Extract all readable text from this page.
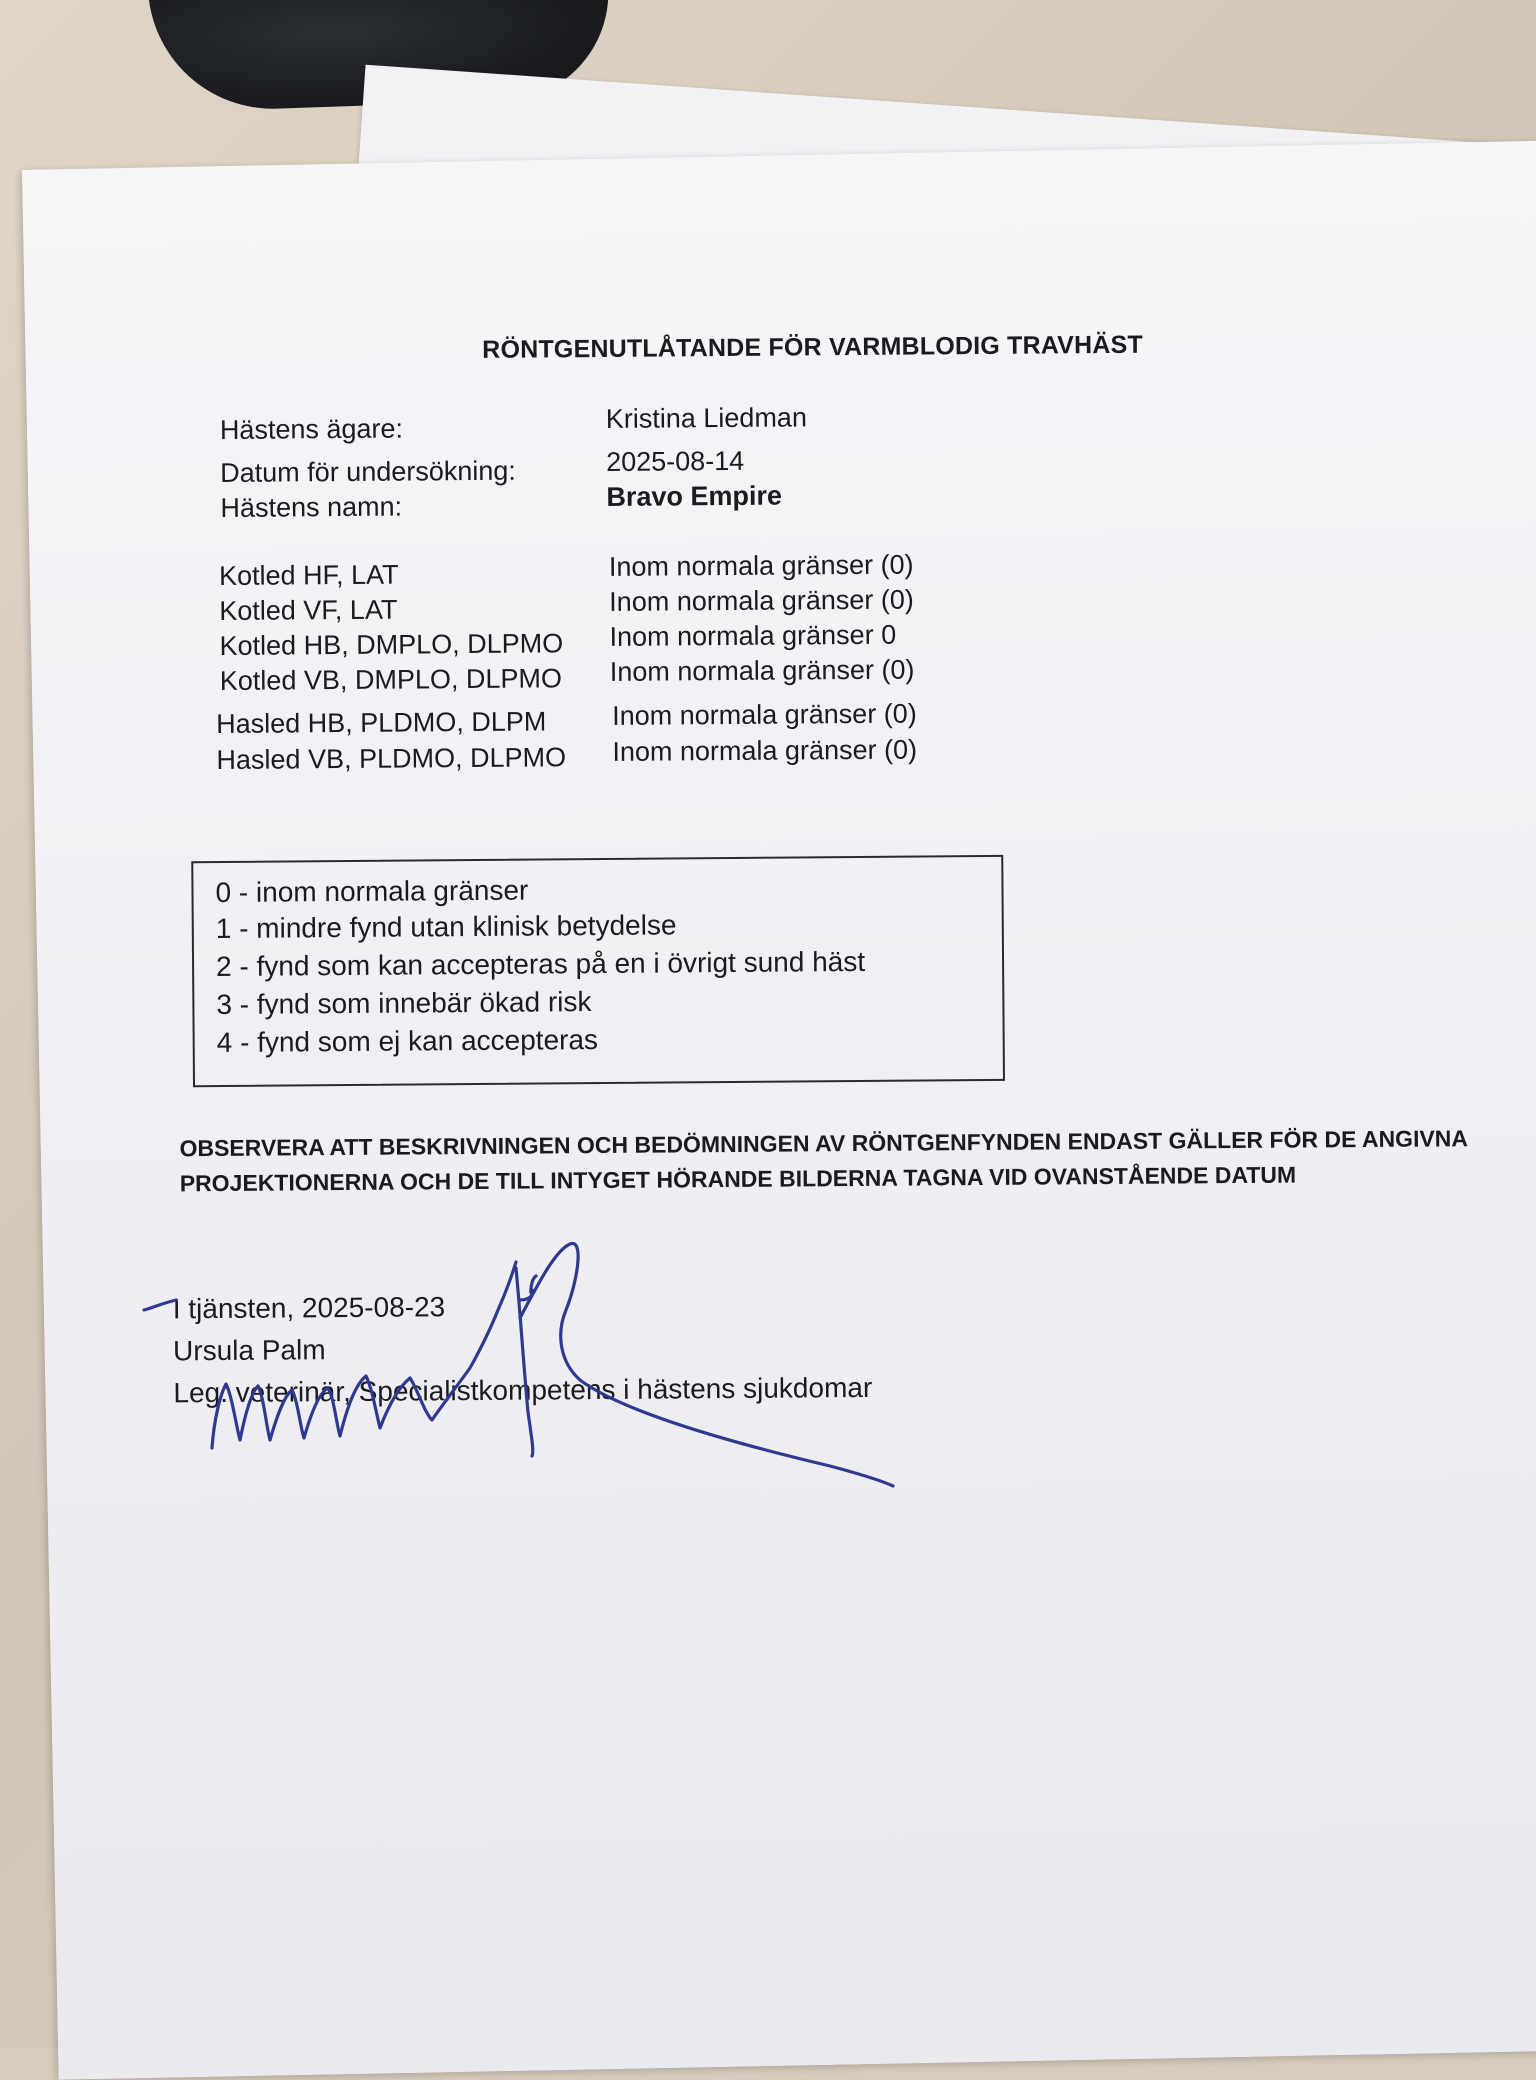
RÖNTGENUTLÅTANDE FÖR VARMBLODIG TRAVHÄST
Hästens ägare:	Kristina Liedman
Datum för undersökning:	2025-08-14
Hästens namn:	Bravo Empire
Kotled HF, LAT	Inom normala gränser (0)
Kotled VF, LAT	Inom normala gränser (0)
Kotled HB, DMPLO, DLPMO Inom normala gränser 0
Kotled VB, DMPLO, DLPMO Inom normala gränser (0)
Hasled HB, PLDMO, DLPM Inom normala gränser (0)
Hasled VB, PLDMO, DLPMO Inom normala gränser (0)
0 - inom normala gränser
1 - mindre fynd utan klinisk betydelse
2 - fynd som kan accepteras på en i övrigt sund häst
3 - fynd som innebär ökad risk
4 - fynd som ej kan accepteras
OBSERVERA ATT BESKRIVNINGEN OCH BEDÖMNINGEN AV RÖNTGENFYNDEN ENDAST GÄLLER FÖR DE ANGIVNA
PROJEKTIONERNA OCH DE TILL INTYGET HÖRANDE BILDERNA TAGNA VID OVANSTÅENDE DATUM
I tjänsten, 2025-08-23
Ursula Palm
Leg. veterinär, Specialistkompetens i hästens sjukdomar
